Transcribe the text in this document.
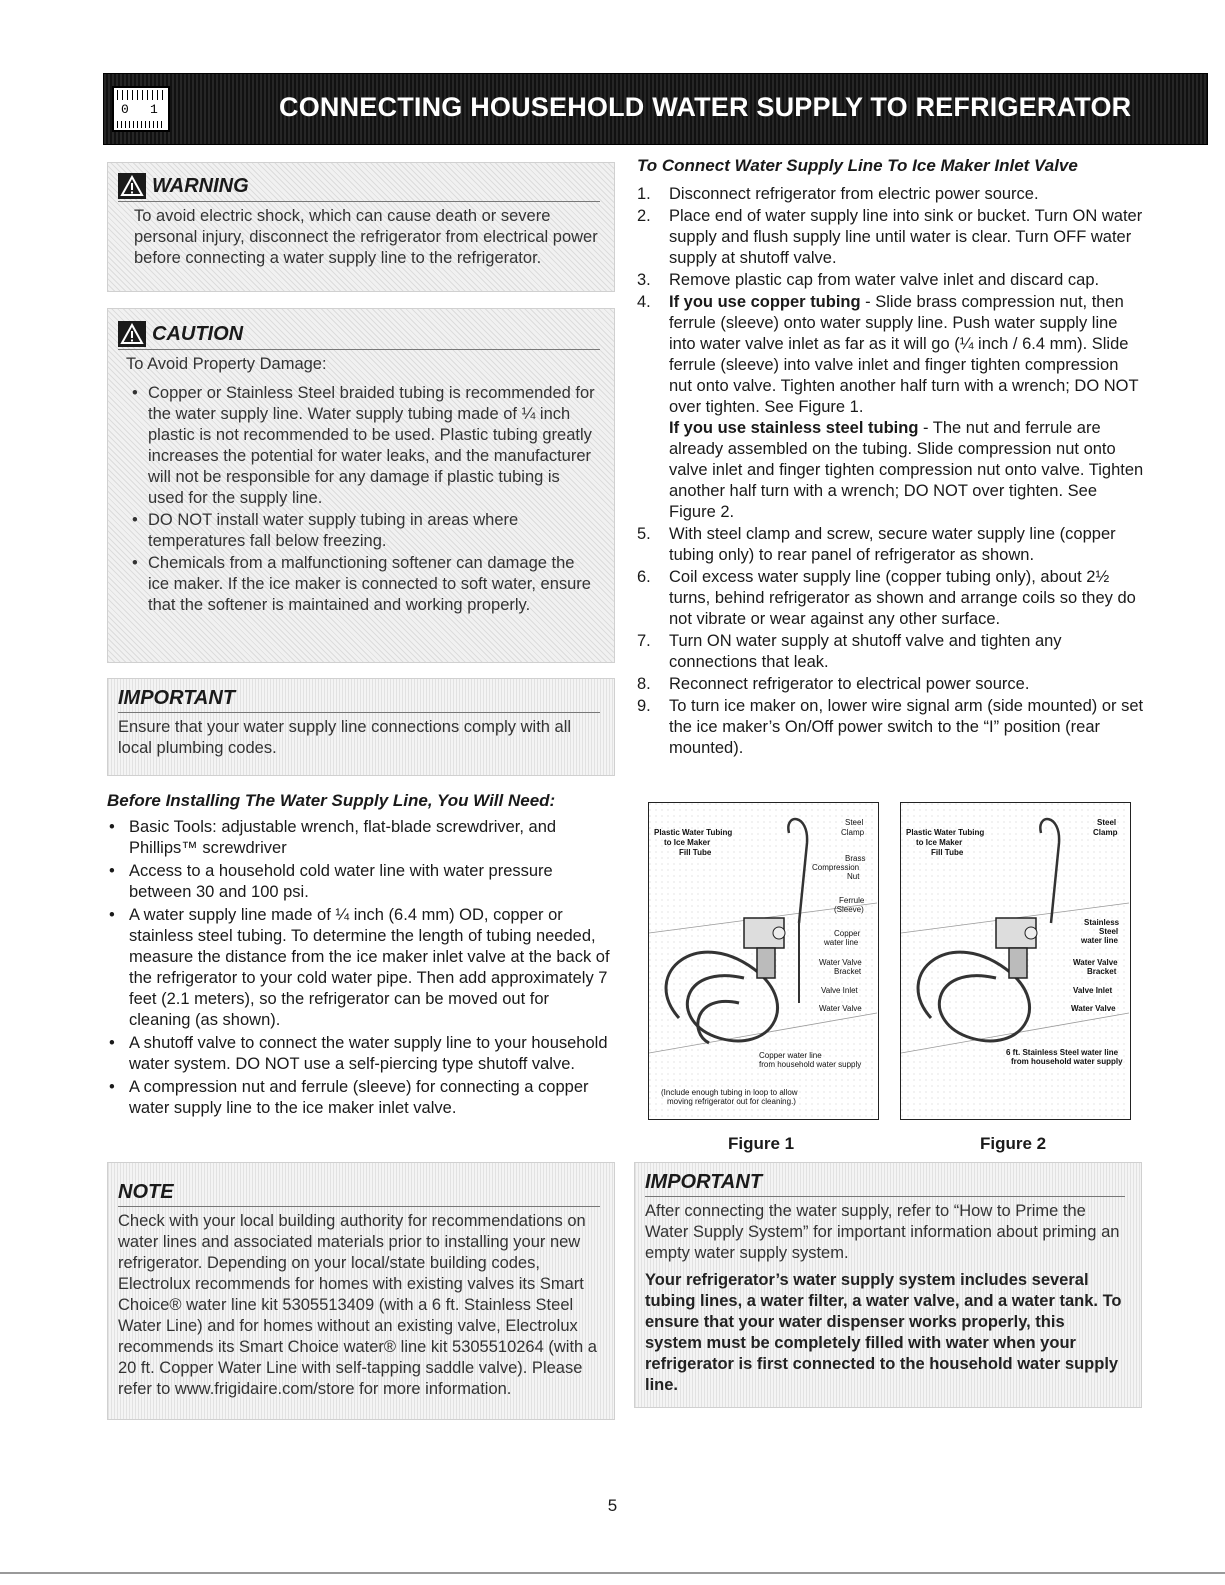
0 1	CONNECTING HOUSEHOLD WATER SUPPLY TO REFRIGERATOR
WARNING

To avoid electric shock, which can cause death or severe personal injury, disconnect the refrigerator from electrical power before connecting a water supply line to the refrigerator.

CAUTION

To Avoid Property Damage:

• Copper or Stainless Steel braided tubing is recommended for the water supply line. Water supply tubing made of ¼ inch plastic is not recommended to be used. Plastic tubing greatly increases the potential for water leaks, and the manufacturer will not be responsible for any damage if plastic tubing is used for the supply line.
• DO NOT install water supply tubing in areas where temperatures fall below freezing.
• Chemicals from a malfunctioning softener can damage the ice maker. If the ice maker is connected to soft water, ensure that the softener is maintained and working properly.
IMPORTANT

Ensure that your water supply line connections comply with all local plumbing codes.

Before Installing The Water Supply Line, You Will Need:
• Basic Tools: adjustable wrench, flat-blade screwdriver, and Phillips™ screwdriver
• Access to a household cold water line with water pressure between 30 and 100 psi.
• A water supply line made of ¼ inch (6.4 mm) OD, copper or stainless steel tubing. To determine the length of tubing needed, measure the distance from the ice maker inlet valve at the back of the refrigerator to your cold water pipe. Then add approximately 7 feet (2.1 meters), so the refrigerator can be moved out for cleaning (as shown).
• A shutoff valve to connect the water supply line to your household water system. DO NOT use a self-piercing type shutoff valve.
• A compression nut and ferrule (sleeve) for connecting a copper water supply line to the ice maker inlet valve.
NOTE

Check with your local building authority for recommendations on water lines and associated materials prior to installing your new refrigerator. Depending on your local/state building codes, Electrolux recommends for homes with existing valves its Smart Choice® water line kit 5305513409 (with a 6 ft. Stainless Steel Water Line) and for homes without an existing valve, Electrolux recommends its Smart Choice water® line kit 5305510264 (with a 20 ft. Copper Water Line with self-tapping saddle valve). Please refer to www.frigidaire.com/store for more information.

To Connect Water Supply Line To Ice Maker Inlet Valve
1. Disconnect refrigerator from electric power source.
2. Place end of water supply line into sink or bucket. Turn ON water supply and flush supply line until water is clear. Turn OFF water supply at shutoff valve.
3. Remove plastic cap from water valve inlet and discard cap.
4. If you use copper tubing - Slide brass compression nut, then ferrule (sleeve) onto water supply line. Push water supply line into water valve inlet as far as it will go (¼ inch / 6.4 mm). Slide ferrule (sleeve) into valve inlet and finger tighten compression nut onto valve. Tighten another half turn with a wrench; DO NOT over tighten. See Figure 1.
If you use stainless steel tubing - The nut and ferrule are already assembled on the tubing. Slide compression nut onto valve inlet and finger tighten compression nut onto valve. Tighten another half turn with a wrench; DO NOT over tighten. See Figure 2.
5. With steel clamp and screw, secure water supply line (copper tubing only) to rear panel of refrigerator as shown.
6. Coil excess water supply line (copper tubing only), about 2½ turns, behind refrigerator as shown and arrange coils so they do not vibrate or wear against any other surface.
7. Turn ON water supply at shutoff valve and tighten any connections that leak.
8. Reconnect refrigerator to electrical power source.
9. To turn ice maker on, lower wire signal arm (side mounted) or set the ice maker’s On/Off power switch to the “I” position (rear mounted).
Plastic Water Tubing
to Ice Maker
Fill Tube
Steel
Clamp
Brass
Compression
Nut
Ferrule
(Sleeve)
Copper
water line
Water Valve
Bracket
Valve Inlet
Water Valve
Copper water line
from household water supply
(Include enough tubing in loop to allow
moving refrigerator out for cleaning.)
Figure 1
Plastic Water Tubing
to Ice Maker
Fill Tube
Steel
Clamp
Stainless
Steel
water line
Water Valve
Bracket
Valve Inlet
Water Valve
6 ft. Stainless Steel water line
from household water supply
Figure 2
IMPORTANT

After connecting the water supply, refer to “How to Prime the Water Supply System” for important information about priming an empty water supply system.

Your refrigerator’s water supply system includes several tubing lines, a water filter, a water valve, and a water tank. To ensure that your water dispenser works properly, this system must be completely filled with water when your refrigerator is first connected to the household water supply line.

5
